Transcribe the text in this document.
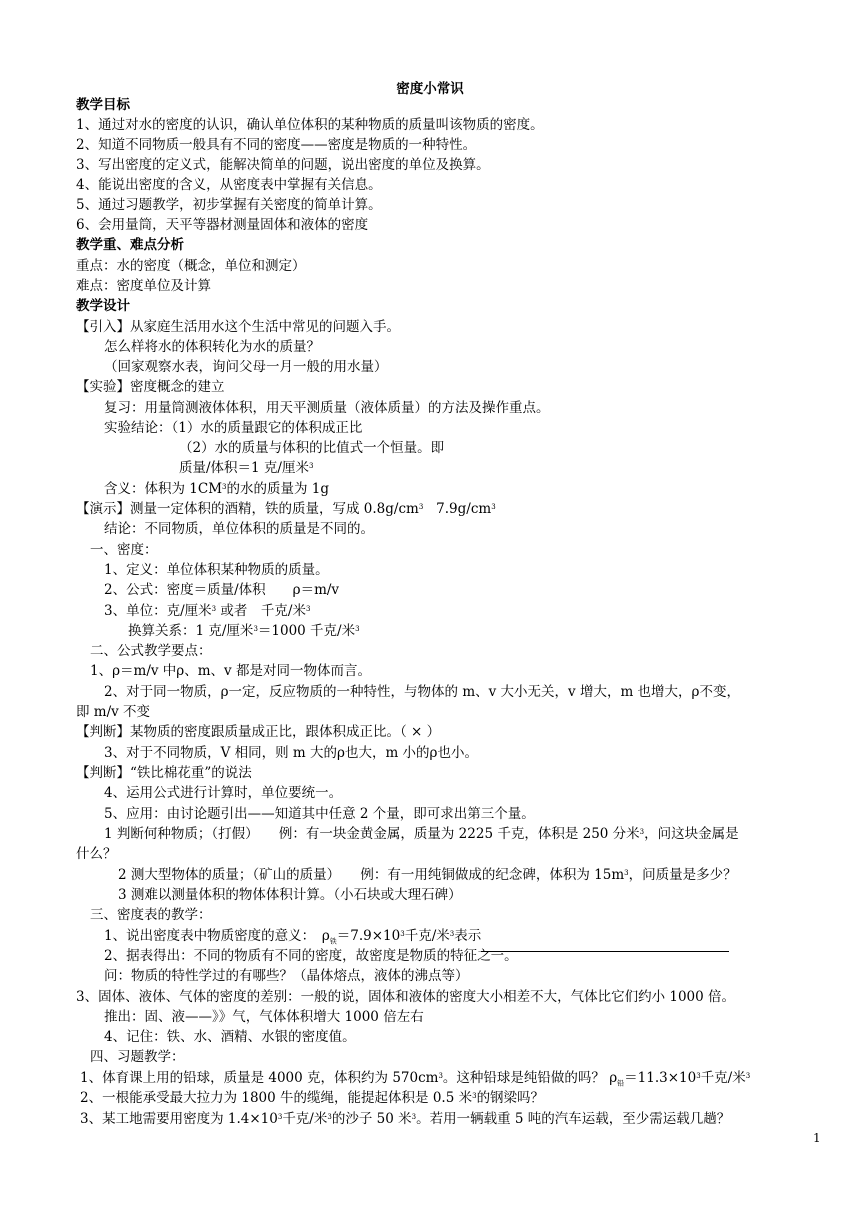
密度小常识
教学目标
1、通过对水的密度的认识，确认单位体积的某种物质的质量叫该物质的密度。
2、知道不同物质一般具有不同的密度——密度是物质的一种特性。
3、写出密度的定义式，能解决简单的问题，说出密度的单位及换算。
4、能说出密度的含义，从密度表中掌握有关信息。
5、通过习题教学，初步掌握有关密度的简单计算。
6、会用量筒，天平等器材测量固体和液体的密度
教学重、难点分析
重点：水的密度（概念，单位和测定）
难点：密度单位及计算
教学设计
【引入】从家庭生活用水这个生活中常见的问题入手。
怎么样将水的体积转化为水的质量？
（回家观察水表，询问父母一月一般的用水量）
【实验】密度概念的建立
复习：用量筒测液体体积，用天平测质量（液体质量）的方法及操作重点。
实验结论：（1）水的质量跟它的体积成正比
（2）水的质量与体积的比值式一个恒量。即
质量/体积＝1 克/厘米$^3$
含义：体积为 $1CM^3$的水的质量为 1g
【演示】测量一定体积的酒精，铁的质量，写成 $0.8g/cm^3$ $7.9g/cm^3$
结论：不同物质，单位体积的质量是不同的。
一、密度：
1、定义：单位体积某种物质的质量。
2、公式：密度＝质量/体积　　ρ＝m/v
3、单位：克/厘米$^3$ 或者　千克/米$^3$
换算关系：1 克/厘米$^3$＝1000 千克/米$^3$
二、公式教学要点：
1、ρ＝m/v 中ρ、m、v 都是对同一物体而言。
2、对于同一物质，ρ一定，反应物质的一种特性，与物体的 m、v 大小无关，v 增大，m 也增大，ρ不变，
即 m/v 不变
【判断】某物质的密度跟质量成正比，跟体积成正比。（ × ）
3、对于不同物质，V 相同，则 m 大的ρ也大，m 小的ρ也小。
【判断】“铁比棉花重”的说法
4、运用公式进行计算时，单位要统一。
5、应用：由讨论题引出——知道其中任意 2 个量，即可求出第三个量。
1 判断何种物质；（打假）　　例：有一块金黄金属，质量为 2225 千克，体积是 250 分米$^3$，问这块金属是
什么？
2 测大型物体的质量；（矿山的质量）　　例：有一用纯铜做成的纪念碑，体积为 $15m^3$，问质量是多少？
3 测难以测量体积的物体体积计算。（小石块或大理石碑）
三、密度表的教学：
1、说出密度表中物质密度的意义：　$\rho_铁=7.9\times 10^3$千克/米$^3$表示
2、据表得出：不同的物质有不同的密度，故密度是物质的特征之一。
问：物质的特性学过的有哪些？（晶体熔点，液体的沸点等）
3、固体、液体、气体的密度的差别：一般的说，固体和液体的密度大小相差不大，气体比它们约小 1000 倍。
推出：固、液——》》气，气体体积增大 1000 倍左右
4、记住：铁、水、酒精、水银的密度值。
四、习题教学：
1、体育课上用的铅球，质量是 4000 克，体积约为 $570cm^3$。这种铅球是纯铅做的吗？ $\rho_铅=11.3\times 10^3$千克/米$^3$
2、一根能承受最大拉力为 1800 牛的缆绳，能提起体积是 0.5 米$^3$的钢梁吗？
3、某工地需要用密度为 $1.4\times 10^3$千克/米$^3$的沙子 50 米$^3$。若用一辆载重 5 吨的汽车运载，至少需运载几趟？
1
